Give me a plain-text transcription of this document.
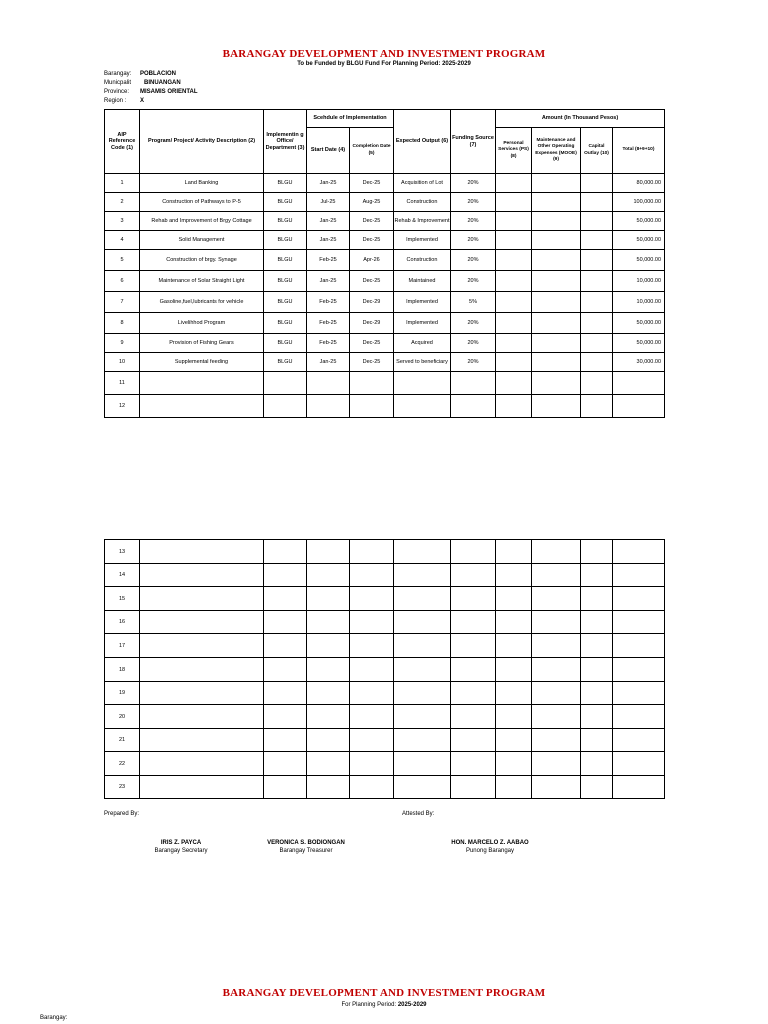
BARANGAY DEVELOPMENT AND INVESTMENT PROGRAM
To be Funded by BLGU Fund For Planning Period: 2025-2029
Barangay:	POBLACION
Municpalit	BINUANGAN
Province:	MISAMIS ORIENTAL
Region :	X
AIP Reference Code (1)	Program/ Project/ Activity Description (2)	Implementin g Office/ Department (3)	Scehdule of Implementation		Expected Output (6)	Funding Source (7)	Amount (In Thousand Pesos)			
			Start Date (4)	Completion Date (5)			Personal Services (PS) (8)	Maintenance and Other Operating Expenses (MOOE) (9)	Capital Outlay (10)	Total (8+9+10)
1	Land Banking	BLGU	Jan-25	Dec-25	Acquisition of Lot	20%				80,000.00
2	Construction of Pathways to P-5	BLGU	Jul-25	Aug-25	Construction	20%				100,000.00
3	Rehab and Improvement of Brgy Cottage	BLGU	Jan-25	Dec-25	Rehab & Improvement	20%				50,000.00
4	Solid Management	BLGU	Jan-25	Dec-25	Implemented	20%				50,000.00
5	Construction of brgy. Synage	BLGU	Feb-25	Apr-26	Construction	20%				50,000.00
6	Maintenance of Solar Straight Light	BLGU	Jan-25	Dec-25	Maintained	20%				10,000.00
7	Gasoline,fuel,lubricants for vehicle	BLGU	Feb-25	Dec-29	Implemented	5%				10,000.00
8	Livelihhod Program	BLGU	Feb-25	Dec-29	Implemented	20%				50,000.00
9	Provision of Fishing Gears	BLGU	Feb-25	Dec-25	Acquired	20%				50,000.00
10	Supplemental feeding	BLGU	Jan-25	Dec-25	Served to beneficiary	20%				30,000.00
11										
12										
13										
14										
15										
16										
17										
18										
19										
20										
21										
22										
23										
Prepared By:	Attested By:
IRIS Z. PAYCA
Barangay Secretary
VERONICA S. BODIONGAN
Barangay Treasurer
HON. MARCELO Z. AABAO
Punong Barangay
BARANGAY DEVELOPMENT AND INVESTMENT PROGRAM
For Planning Period: 2025-2029
Barangay:
